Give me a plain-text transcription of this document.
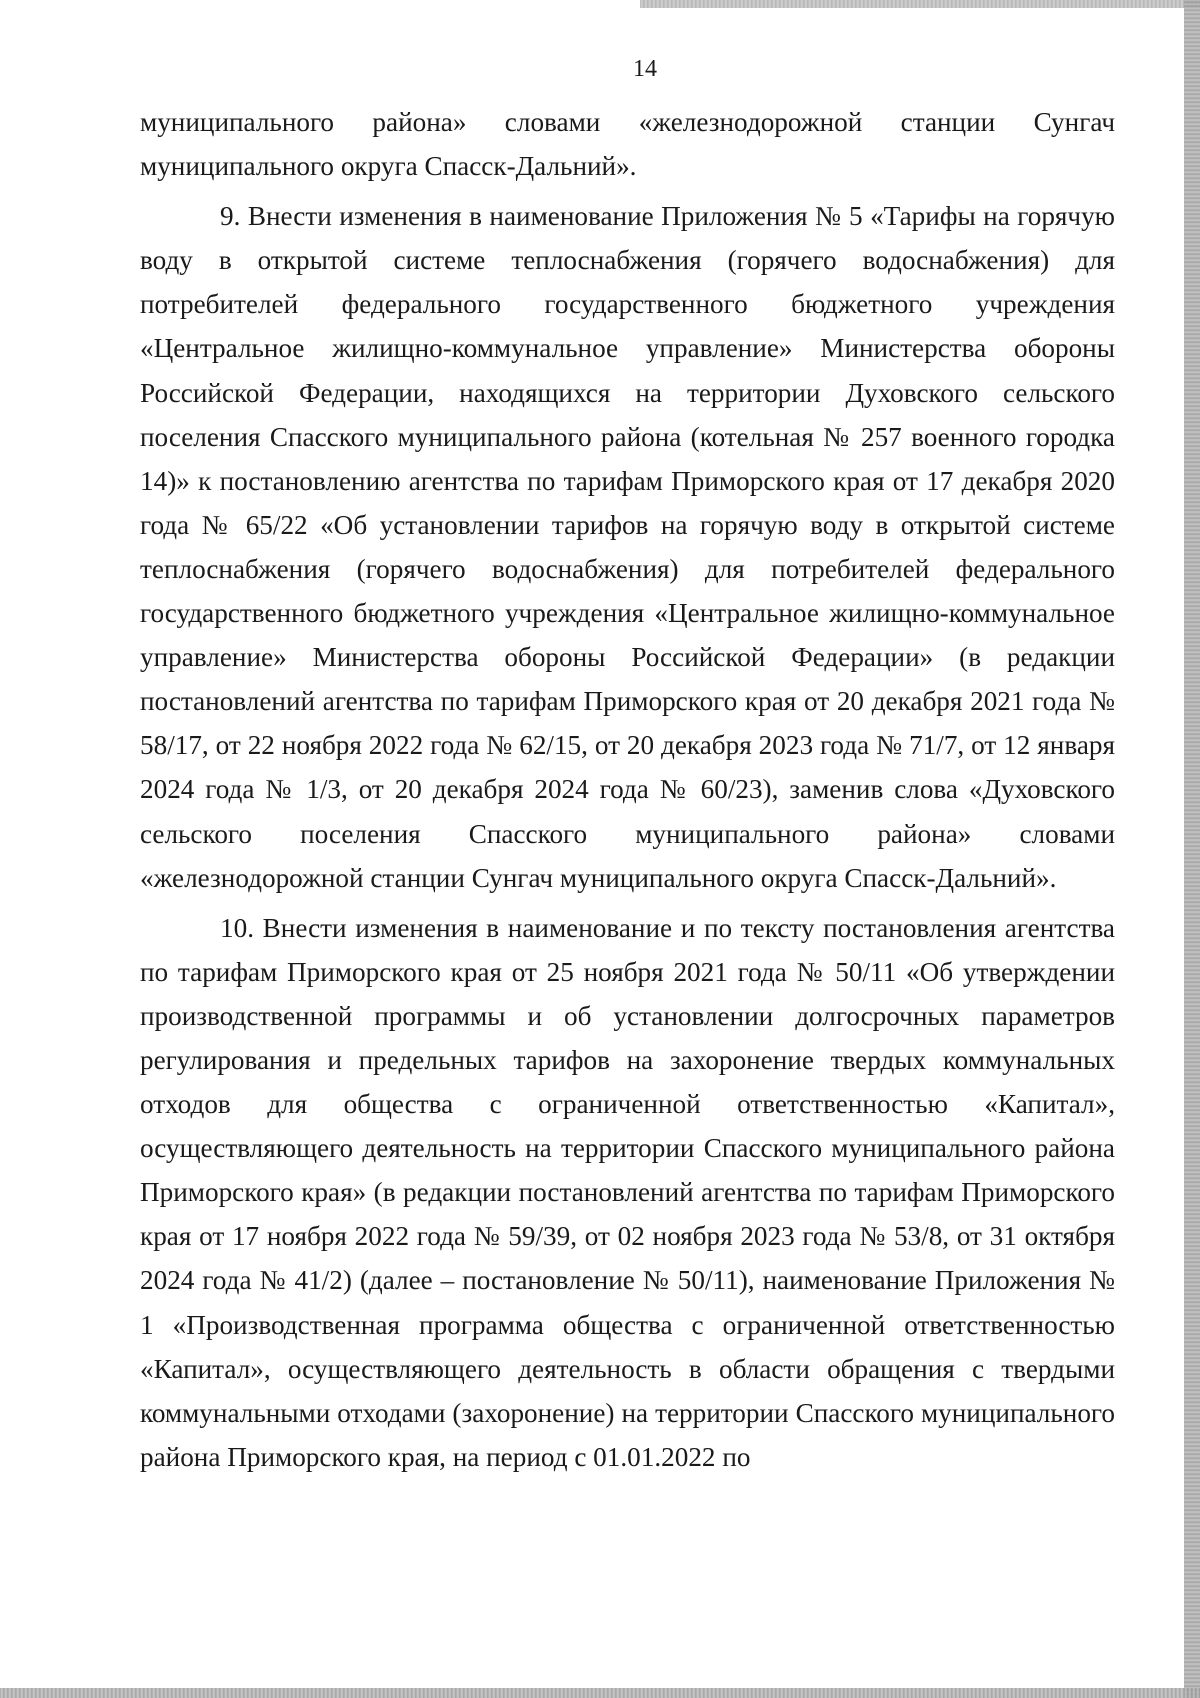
14

муниципального района» словами «железнодорожной станции Сунгач муниципального округа Спасск-Дальний».

9. Внести изменения в наименование Приложения № 5 «Тарифы на горячую воду в открытой системе теплоснабжения (горячего водоснабжения) для потребителей федерального государственного бюджетного учреждения «Центральное жилищно-коммунальное управление» Министерства обороны Российской Федерации, находящихся на территории Духовского сельского поселения Спасского муниципального района (котельная № 257 военного городка 14)» к постановлению агентства по тарифам Приморского края от 17 декабря 2020 года № 65/22 «Об установлении тарифов на горячую воду в открытой системе теплоснабжения (горячего водоснабжения) для потребителей федерального государственного бюджетного учреждения «Центральное жилищно-коммунальное управление» Министерства обороны Российской Федерации» (в редакции постановлений агентства по тарифам Приморского края от 20 декабря 2021 года № 58/17, от 22 ноября 2022 года № 62/15, от 20 декабря 2023 года № 71/7, от 12 января 2024 года № 1/3, от 20 декабря 2024 года № 60/23), заменив слова «Духовского сельского поселения Спасского муниципального района» словами «железнодорожной станции Сунгач муниципального округа Спасск-Дальний».

10. Внести изменения в наименование и по тексту постановления агентства по тарифам Приморского края от 25 ноября 2021 года № 50/11 «Об утверждении производственной программы и об установлении долгосрочных параметров регулирования и предельных тарифов на захоронение твердых коммунальных отходов для общества с ограниченной ответственностью «Капитал», осуществляющего деятельность на территории Спасского муниципального района Приморского края» (в редакции постановлений агентства по тарифам Приморского края от 17 ноября 2022 года № 59/39, от 02 ноября 2023 года № 53/8, от 31 октября 2024 года № 41/2) (далее – постановление № 50/11), наименование Приложения № 1 «Производственная программа общества с ограниченной ответственностью «Капитал», осуществляющего деятельность в области обращения с твердыми коммунальными отходами (захоронение) на территории Спасского муниципального района Приморского края, на период с 01.01.2022 по
